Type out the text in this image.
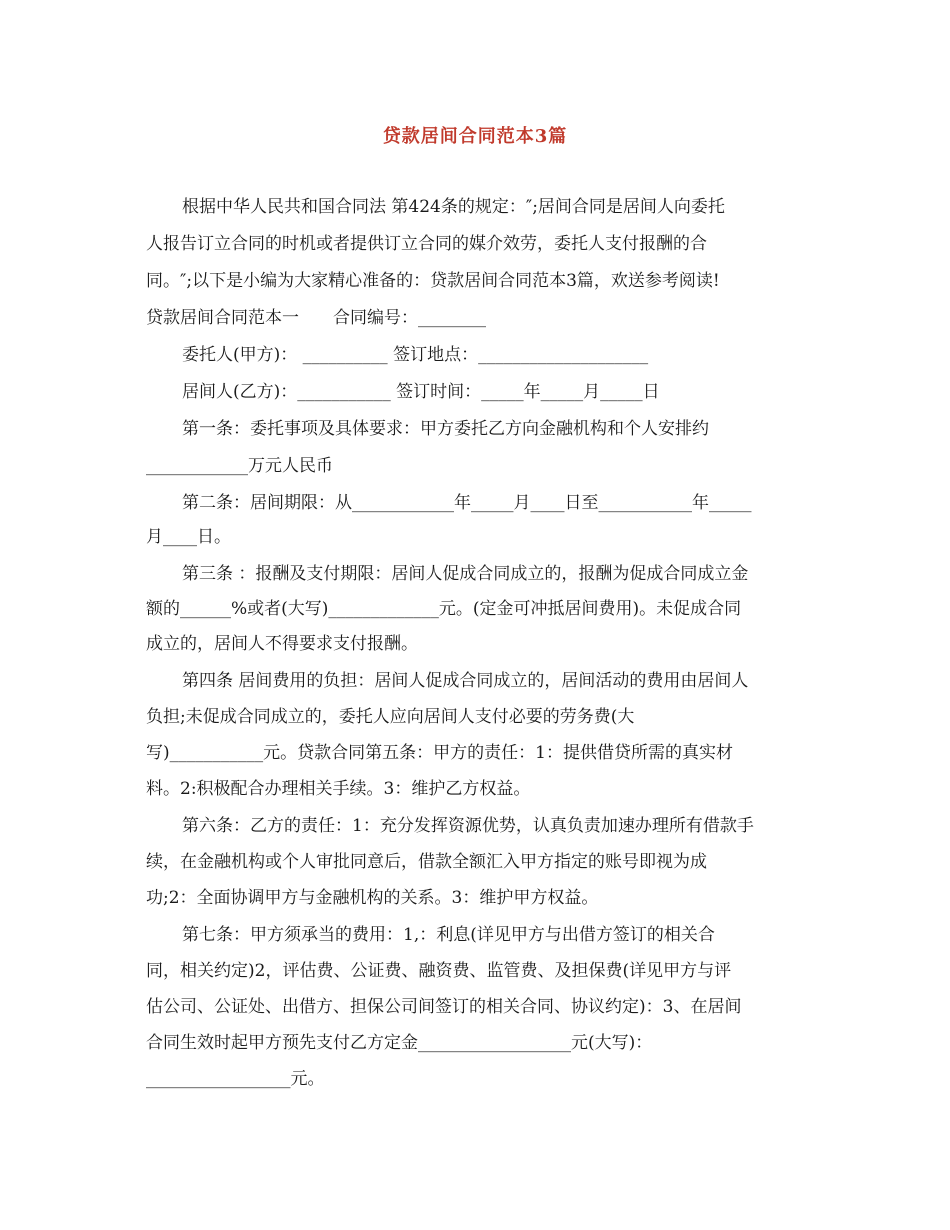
贷款居间合同范本3篇
根据中华人民共和国合同法 第424条的规定：″;居间合同是居间人向委托
人报告订立合同的时机或者提供订立合同的媒介效劳，委托人支付报酬的合
同。″;以下是小编为大家精心准备的：贷款居间合同范本3篇，欢送参考阅读!
贷款居间合同范本一　　合同编号：________
委托人(甲方)： __________ 签订地点：____________________
居间人(乙方)：___________ 签订时间：_____年_____月_____日
第一条：委托事项及具体要求：甲方委托乙方向金融机构和个人安排约
____________万元人民币
第二条：居间期限：从____________年_____月____日至___________年_____
月____日。
第三条 ：报酬及支付期限：居间人促成合同成立的，报酬为促成合同成立金
额的______%或者(大写)_____________元。(定金可冲抵居间费用)。未促成合同
成立的，居间人不得要求支付报酬。
第四条 居间费用的负担：居间人促成合同成立的，居间活动的费用由居间人
负担;未促成合同成立的，委托人应向居间人支付必要的劳务费(大
写)___________元。贷款合同第五条：甲方的责任：1：提供借贷所需的真实材
料。2:积极配合办理相关手续。3：维护乙方权益。
第六条：乙方的责任：1：充分发挥资源优势，认真负责加速办理所有借款手
续，在金融机构或个人审批同意后，借款全额汇入甲方指定的账号即视为成
功;2：全面协调甲方与金融机构的关系。3：维护甲方权益。
第七条：甲方须承当的费用：1,：利息(详见甲方与出借方签订的相关合
同，相关约定)2，评估费、公证费、融资费、监管费、及担保费(详见甲方与评
估公司、公证处、出借方、担保公司间签订的相关合同、协议约定)：3、在居间
合同生效时起甲方预先支付乙方定金__________________元(大写)：
_________________元。
